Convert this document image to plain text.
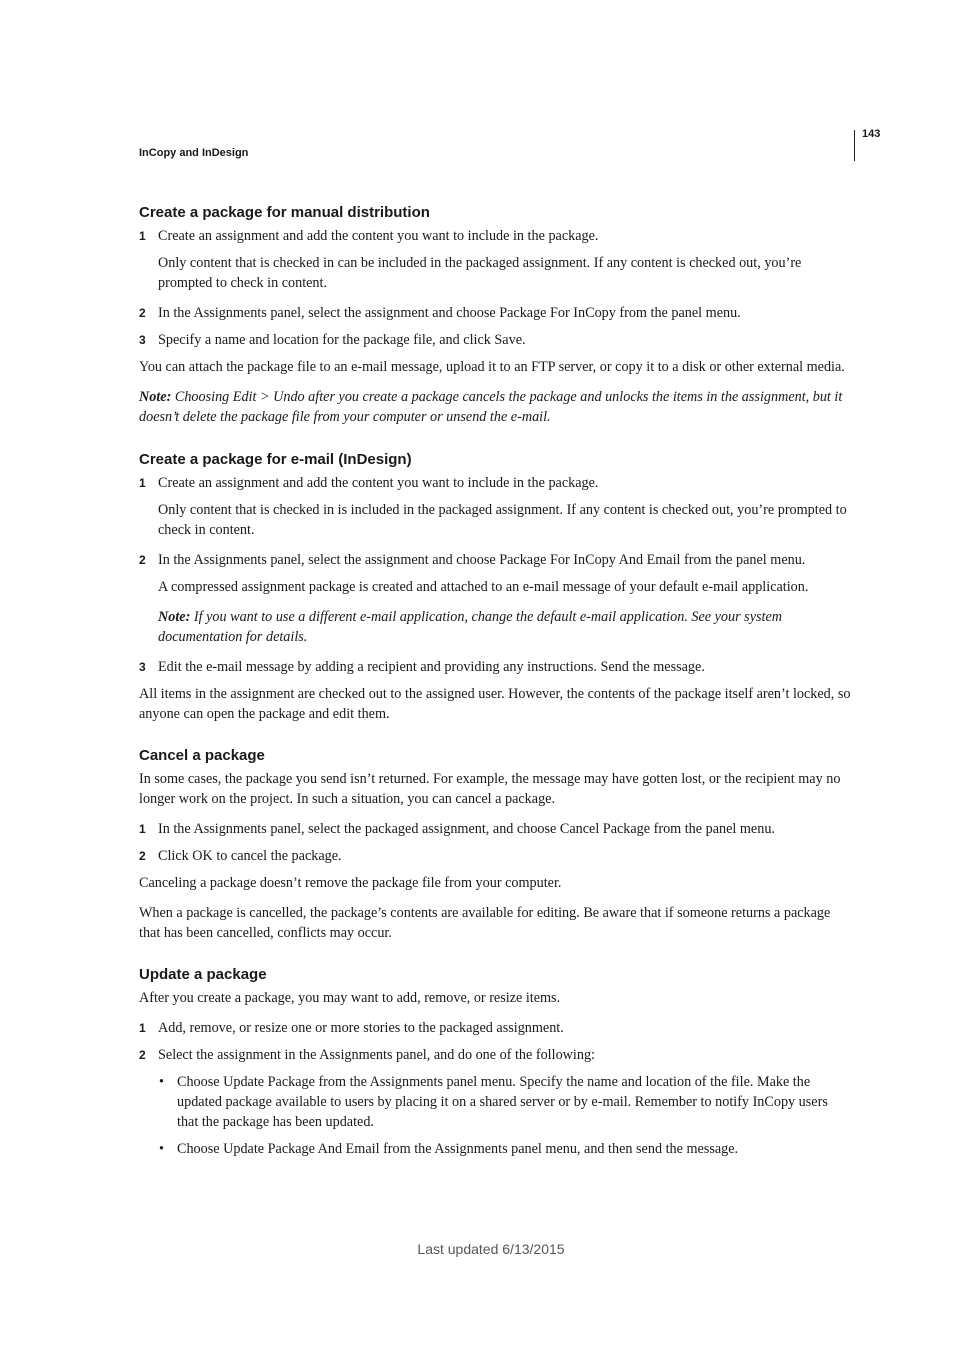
143
InCopy and InDesign
Create a package for manual distribution
1 Create an assignment and add the content you want to include in the package.

Only content that is checked in can be included in the packaged assignment. If any content is checked out, you’re prompted to check in content.

2 In the Assignments panel, select the assignment and choose Package For InCopy from the panel menu.
3 Specify a name and location for the package file, and click Save.

You can attach the package file to an e-mail message, upload it to an FTP server, or copy it to a disk or other external media.

Note: Choosing Edit > Undo after you create a package cancels the package and unlocks the items in the assignment, but it doesn’t delete the package file from your computer or unsend the e-mail.

Create a package for e-mail (InDesign)
1 Create an assignment and add the content you want to include in the package.

Only content that is checked in is included in the packaged assignment. If any content is checked out, you’re prompted to check in content.

2 In the Assignments panel, select the assignment and choose Package For InCopy And Email from the panel menu.

A compressed assignment package is created and attached to an e-mail message of your default e-mail application.

Note: If you want to use a different e-mail application, change the default e-mail application. See your system documentation for details.

3 Edit the e-mail message by adding a recipient and providing any instructions. Send the message.

All items in the assignment are checked out to the assigned user. However, the contents of the package itself aren’t locked, so anyone can open the package and edit them.

Cancel a package

In some cases, the package you send isn’t returned. For example, the message may have gotten lost, or the recipient may no longer work on the project. In such a situation, you can cancel a package.

1 In the Assignments panel, select the packaged assignment, and choose Cancel Package from the panel menu.
2 Click OK to cancel the package.

Canceling a package doesn’t remove the package file from your computer.

When a package is cancelled, the package’s contents are available for editing. Be aware that if someone returns a package that has been cancelled, conflicts may occur.

Update a package

After you create a package, you may want to add, remove, or resize items.

1 Add, remove, or resize one or more stories to the packaged assignment.
2 Select the assignment in the Assignments panel, and do one of the following:
• Choose Update Package from the Assignments panel menu. Specify the name and location of the file. Make the updated package available to users by placing it on a shared server or by e-mail. Remember to notify InCopy users that the package has been updated.
• Choose Update Package And Email from the Assignments panel menu, and then send the message.
Last updated 6/13/2015
